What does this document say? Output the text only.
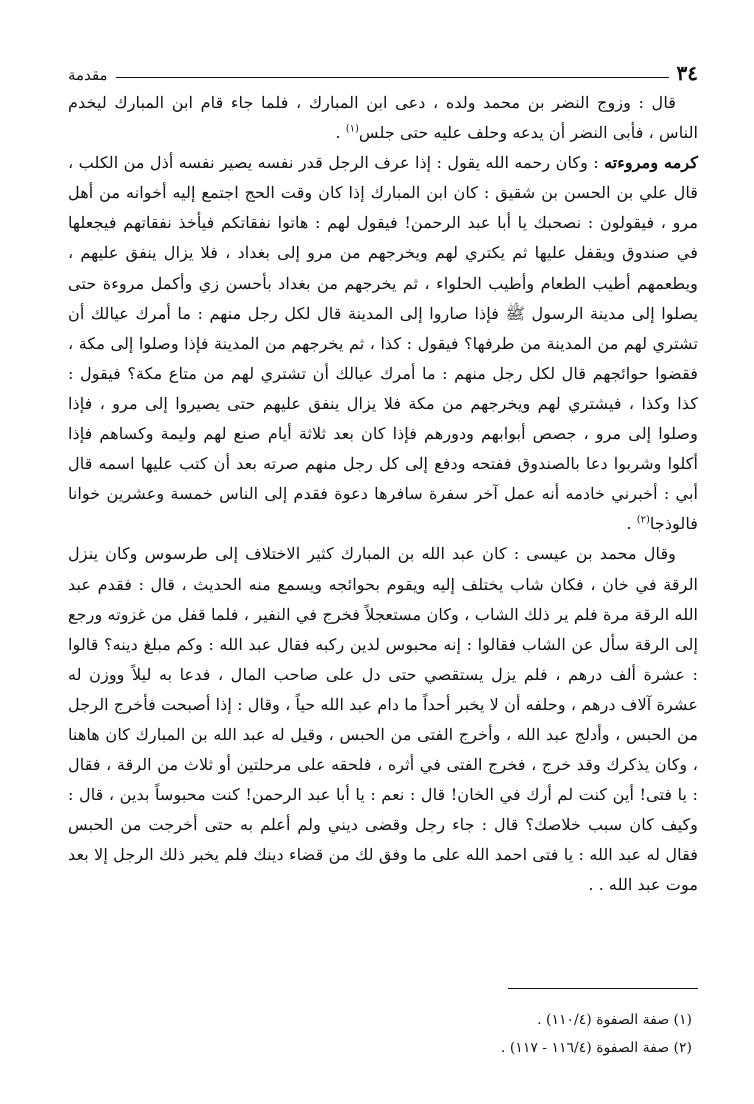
٣٤
مقدمة

قال : وزوج النضر بن محمد ولده ، دعى ابن المبارك ، فلما جاء قام ابن المبارك ليخدم الناس ، فأبى النضر أن يدعه وحلف عليه حتى جلس$^{(١)}$ .

كرمه ومروءته : وكان رحمه الله يقول : إذا عرف الرجل قدر نفسه يصير نفسه أذل من الكلب ، قال علي بن الحسن بن شقيق : كان ابن المبارك إذا كان وقت الحج اجتمع إليه أخوانه من أهل مرو ، فيقولون : نصحبك يا أبا عبد الرحمن! فيقول لهم : هاتوا نفقاتكم فيأخذ نفقاتهم فيجعلها في صندوق ويقفل عليها ثم يكتري لهم ويخرجهم من مرو إلى بغداد ، فلا يزال ينفق عليهم ، ويطعمهم أطيب الطعام وأطيب الحلواء ، ثم يخرجهم من بغداد بأحسن زي وأكمل مروءة حتى يصلوا إلى مدينة الرسول ﷺ فإذا صاروا إلى المدينة قال لكل رجل منهم : ما أمرك عيالك أن تشتري لهم من المدينة من طرفها؟ فيقول : كذا ، ثم يخرجهم من المدينة فإذا وصلوا إلى مكة ، فقضوا حوائجهم قال لكل رجل منهم : ما أمرك عيالك أن تشتري لهم من متاع مكة؟ فيقول : كذا وكذا ، فيشتري لهم ويخرجهم من مكة فلا يزال ينفق عليهم حتى يصيروا إلى مرو ، فإذا وصلوا إلى مرو ، جصص أبوابهم ودورهم فإذا كان بعد ثلاثة أيام صنع لهم وليمة وكساهم فإذا أكلوا وشربوا دعا بالصندوق ففتحه ودفع إلى كل رجل منهم صرته بعد أن كتب عليها اسمه قال أبي : أخبرني خادمه أنه عمل آخر سفرة سافرها دعوة فقدم إلى الناس خمسة وعشرين خوانا فالوذجا$^{(٢)}$ .

وقال محمد بن عيسى : كان عبد الله بن المبارك كثير الاختلاف إلى طرسوس وكان ينزل الرقة في خان ، فكان شاب يختلف إليه ويقوم بحوائجه ويسمع منه الحديث ، قال : فقدم عبد الله الرقة مرة فلم ير ذلك الشاب ، وكان مستعجلاً فخرج في النفير ، فلما قفل من غزوته ورجع إلى الرقة سأل عن الشاب فقالوا : إنه محبوس لدين ركبه فقال عبد الله : وكم مبلغ دينه؟ قالوا : عشرة ألف درهم ، فلم يزل يستقصي حتى دل على صاحب المال ، فدعا به ليلاً ووزن له عشرة آلاف درهم ، وحلفه أن لا يخبر أحداً ما دام عبد الله حياً ، وقال : إذا أصبحت فأخرج الرجل من الحبس ، وأدلج عبد الله ، وأخرج الفتى من الحبس ، وقيل له عبد الله بن المبارك كان هاهنا ، وكان يذكرك وقد خرج ، فخرج الفتى في أثره ، فلحقه على مرحلتين أو ثلاث من الرقة ، فقال : يا فتى! أين كنت لم أرك في الخان! قال : نعم : يا أبا عبد الرحمن! كنت محبوساً بدين ، قال : وكيف كان سبب خلاصك؟ قال : جاء رجل وقضى ديني ولم أعلم به حتى أخرجت من الحبس فقال له عبد الله : يا فتى احمد الله على ما وفق لك من قضاء دينك فلم يخبر ذلك الرجل إلا بعد موت عبد الله . .

(١) صفة الصفوة (١١٠/٤) .

(٢) صفة الصفوة (١١٦/٤ - ١١٧) .
